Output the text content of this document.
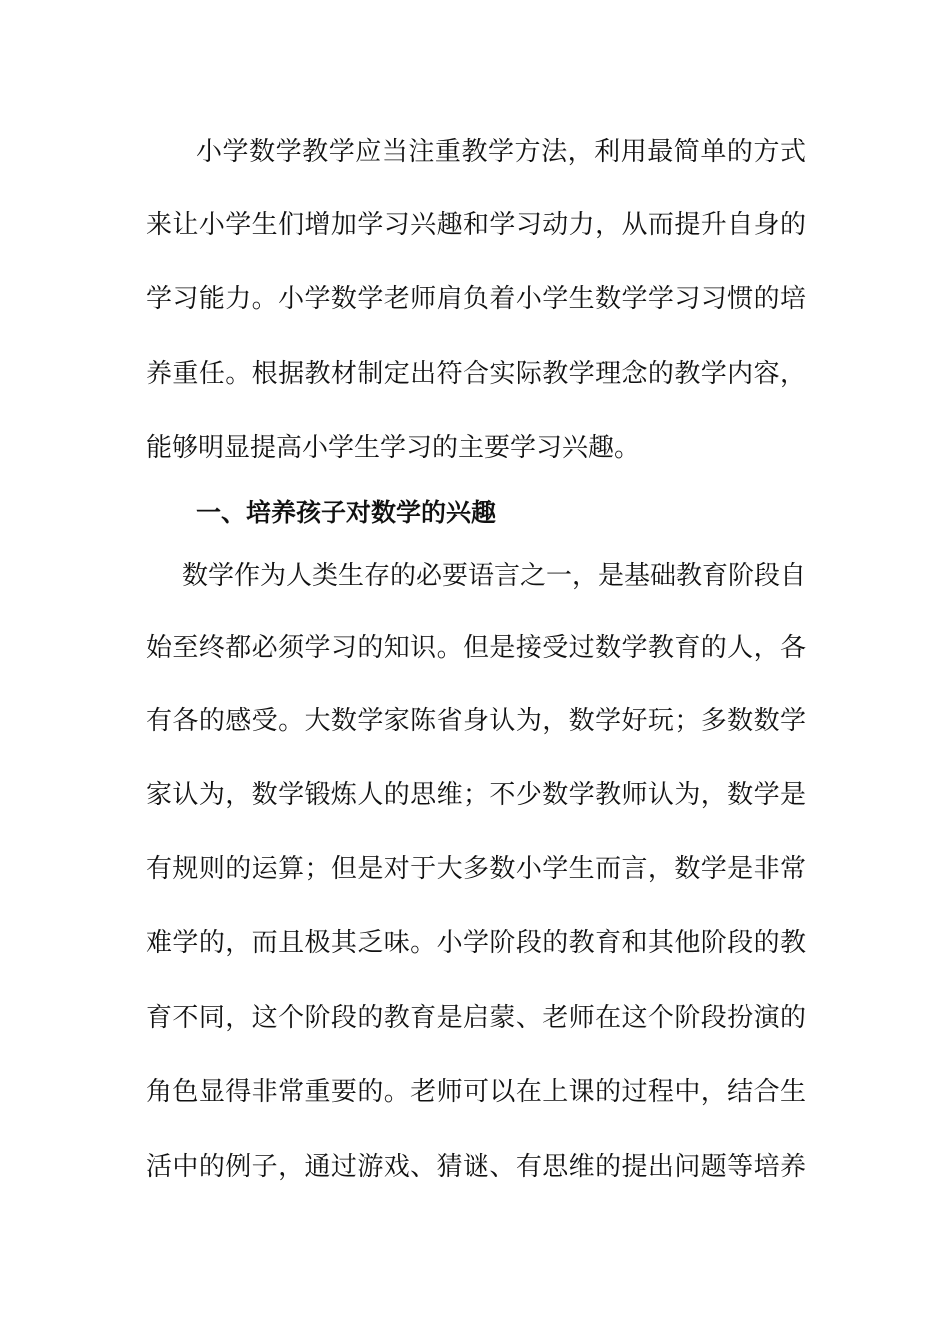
小学数学教学应当注重教学方法，利用最简单的方式
来让小学生们增加学习兴趣和学习动力，从而提升自身的
学习能力。小学数学老师肩负着小学生数学学习习惯的培
养重任。根据教材制定出符合实际教学理念的教学内容，
能够明显提高小学生学习的主要学习兴趣。
一、培养孩子对数学的兴趣
数学作为人类生存的必要语言之一，是基础教育阶段自
始至终都必须学习的知识。但是接受过数学教育的人，各
有各的感受。大数学家陈省身认为，数学好玩；多数数学
家认为，数学锻炼人的思维；不少数学教师认为，数学是
有规则的运算；但是对于大多数小学生而言，数学是非常
难学的，而且极其乏味。小学阶段的教育和其他阶段的教
育不同，这个阶段的教育是启蒙、老师在这个阶段扮演的
角色显得非常重要的。老师可以在上课的过程中，结合生
活中的例子，通过游戏、猜谜、有思维的提出问题等培养
